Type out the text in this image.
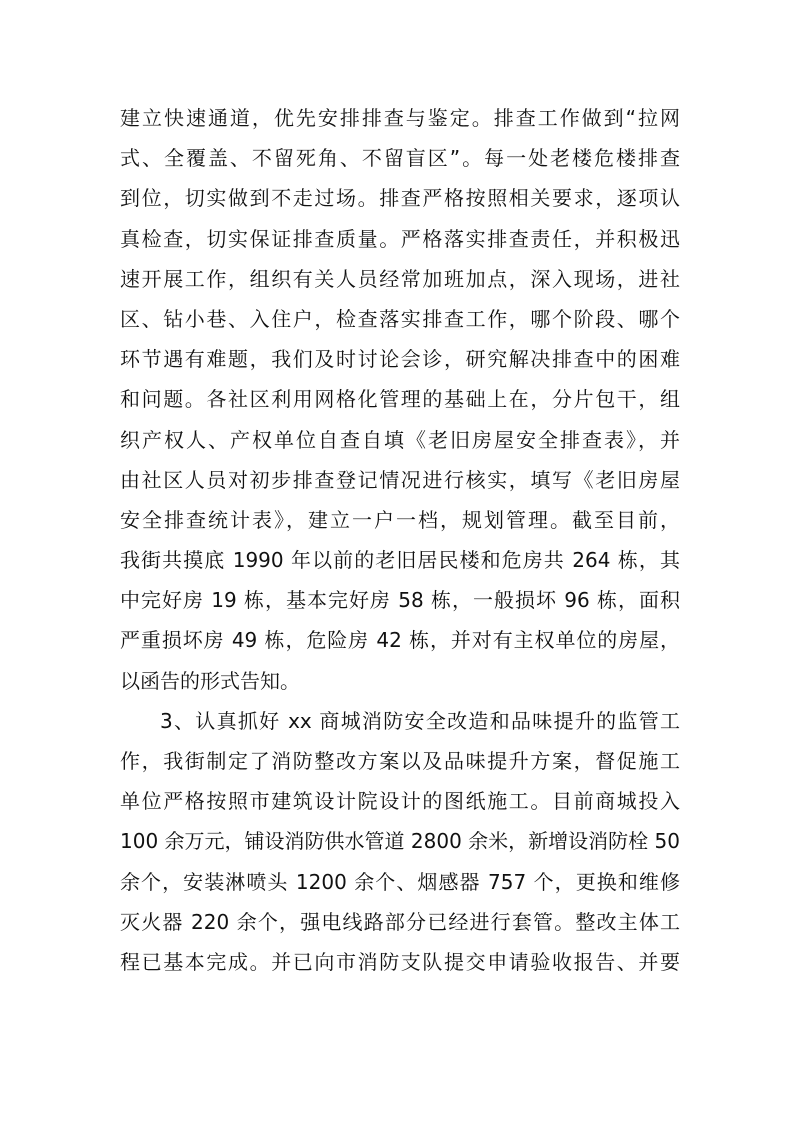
建立快速通道，优先安排排查与鉴定。排查工作做到“拉网
式、全覆盖、不留死角、不留盲区”。每一处老楼危楼排查
到位，切实做到不走过场。排查严格按照相关要求，逐项认
真检查，切实保证排查质量。严格落实排查责任，并积极迅
速开展工作，组织有关人员经常加班加点，深入现场，进社
区、钻小巷、入住户，检查落实排查工作，哪个阶段、哪个
环节遇有难题，我们及时讨论会诊，研究解决排查中的困难
和问题。各社区利用网格化管理的基础上在，分片包干，组
织产权人、产权单位自查自填《老旧房屋安全排查表》，并
由社区人员对初步排查登记情况进行核实，填写《老旧房屋
安全排查统计表》，建立一户一档，规划管理。截至目前，
我街共摸底 1990 年以前的老旧居民楼和危房共 264 栋，其
中完好房 19 栋，基本完好房 58 栋，一般损坏 96 栋，面积
严重损坏房 49 栋，危险房 42 栋，并对有主权单位的房屋，
以函告的形式告知。
3、认真抓好 xx 商城消防安全改造和品味提升的监管工
作，我街制定了消防整改方案以及品味提升方案，督促施工
单位严格按照市建筑设计院设计的图纸施工。目前商城投入
100 余万元，铺设消防供水管道 2800 余米，新增设消防栓 50
余个，安装淋喷头 1200 余个、烟感器 757 个，更换和维修
灭火器 220 余个，强电线路部分已经进行套管。整改主体工
程已基本完成。并已向市消防支队提交申请验收报告、并要
